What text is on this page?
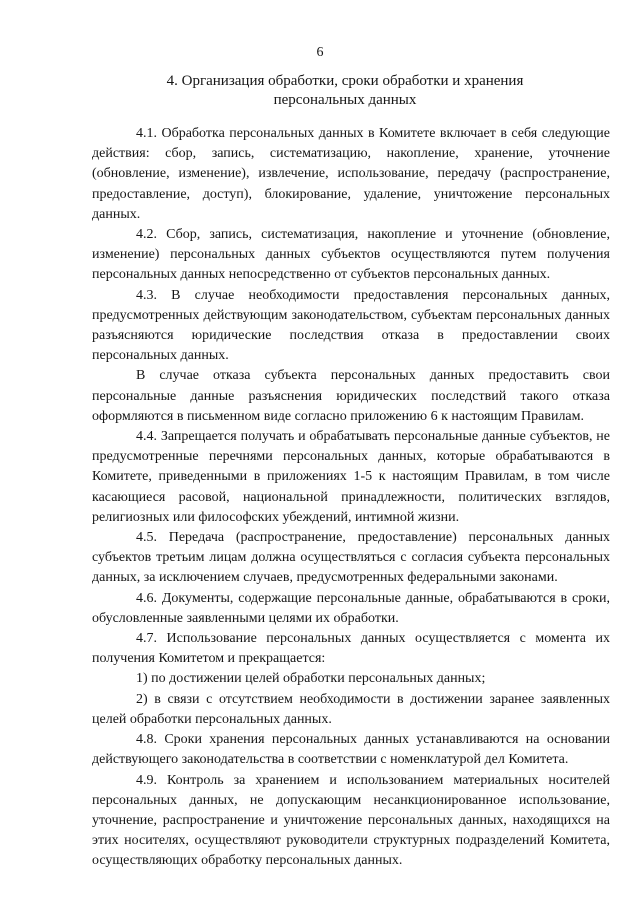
6
4. Организация обработки, сроки обработки и хранения
персональных данных

4.1. Обработка персональных данных в Комитете включает в себя следующие действия: сбор, запись, систематизацию, накопление, хранение, уточнение (обновление, изменение), извлечение, использование, передачу (распространение, предоставление, доступ), блокирование, удаление, уничтожение персональных данных.

4.2. Сбор, запись, систематизация, накопление и уточнение (обновление, изменение) персональных данных субъектов осуществляются путем получения персональных данных непосредственно от субъектов персональных данных.

4.3. В случае необходимости предоставления персональных данных, предусмотренных действующим законодательством, субъектам персональных данных разъясняются юридические последствия отказа в предоставлении своих персональных данных.

В случае отказа субъекта персональных данных предоставить свои персональные данные разъяснения юридических последствий такого отказа оформляются в письменном виде согласно приложению 6 к настоящим Правилам.

4.4. Запрещается получать и обрабатывать персональные данные субъектов, не предусмотренные перечнями персональных данных, которые обрабатываются в Комитете, приведенными в приложениях 1-5 к настоящим Правилам, в том числе касающиеся расовой, национальной принадлежности, политических взглядов, религиозных или философских убеждений, интимной жизни.

4.5. Передача (распространение, предоставление) персональных данных субъектов третьим лицам должна осуществляться с согласия субъекта персональных данных, за исключением случаев, предусмотренных федеральными законами.

4.6. Документы, содержащие персональные данные, обрабатываются в сроки, обусловленные заявленными целями их обработки.

4.7. Использование персональных данных осуществляется с момента их получения Комитетом и прекращается:

1) по достижении целей обработки персональных данных;

2) в связи с отсутствием необходимости в достижении заранее заявленных целей обработки персональных данных.

4.8. Сроки хранения персональных данных устанавливаются на основании действующего законодательства в соответствии с номенклатурой дел Комитета.

4.9. Контроль за хранением и использованием материальных носителей персональных данных, не допускающим несанкционированное использование, уточнение, распространение и уничтожение персональных данных, находящихся на этих носителях, осуществляют руководители структурных подразделений Комитета, осуществляющих обработку персональных данных.
